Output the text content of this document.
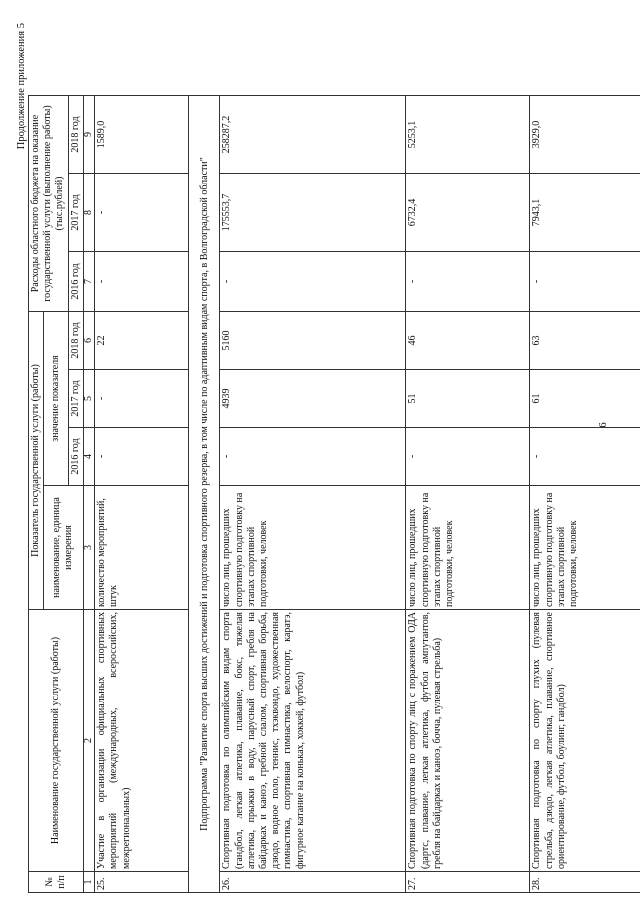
6
Продолжение приложения 5
№ п/п	Наименование государственной услуги (работы)	Показатель государственной услуги (работы)				Расходы областного бюджета на оказание государственной услуги (выполнение работы) (тыс.рублей)		
		наименование, единица измерения	значение показателя					
			2016 год	2017 год	2018 год	2016 год	2017 год	2018 год
1	2	3	4	5	6	7	8	9
25.	Участие в организации официальных спортивных мероприятий (международных, всероссийских, межрегиональных)	количество мероприятий, штук	-	-	22	-	-	1589,0
Подпрограмма "Развитие спорта высших достижений и подготовка спортивного резерва, в том числе по адаптивным видам спорта, в Волгоградской области"								
26.	Спортивная подготовка по олимпийским видам спорта (гандбол, легкая атлетика, плавание, бокс, тяжелая атлетика, прыжки в воду, парусный спорт, гребля на байдарках и каноэ, гребной слалом, спортивная борьба, дзюдо, водное поло, теннис, тхэквондо, художественная гимнастика, спортивная гимнастика, велоспорт, каратэ, фигурное катание на коньках, хоккей, футбол)	число лиц, прошедших спортивную подготовку на этапах спортивной подготовки, человек	-	4939	5160	-	175553,7	258287,2
27.	Спортивная подготовка по спорту лиц с поражением ОДА (дартс, плавание, легкая атлетика, футбол ампутантов, гребля на байдарках и каноэ, бочча, пулевая стрельба)	число лиц, прошедших спортивную подготовку на этапах спортивной подготовки, человек	-	51	46	-	6732,4	5253,1
28.	Спортивная подготовка по спорту глухих (пулевая стрельба, дзюдо, легкая атлетика, плавание, спортивное ориентирование, футбол, боулинг, гандбол)	число лиц, прошедших спортивную подготовку на этапах спортивной подготовки, человек	-	61	63	-	7943,1	3929,0
